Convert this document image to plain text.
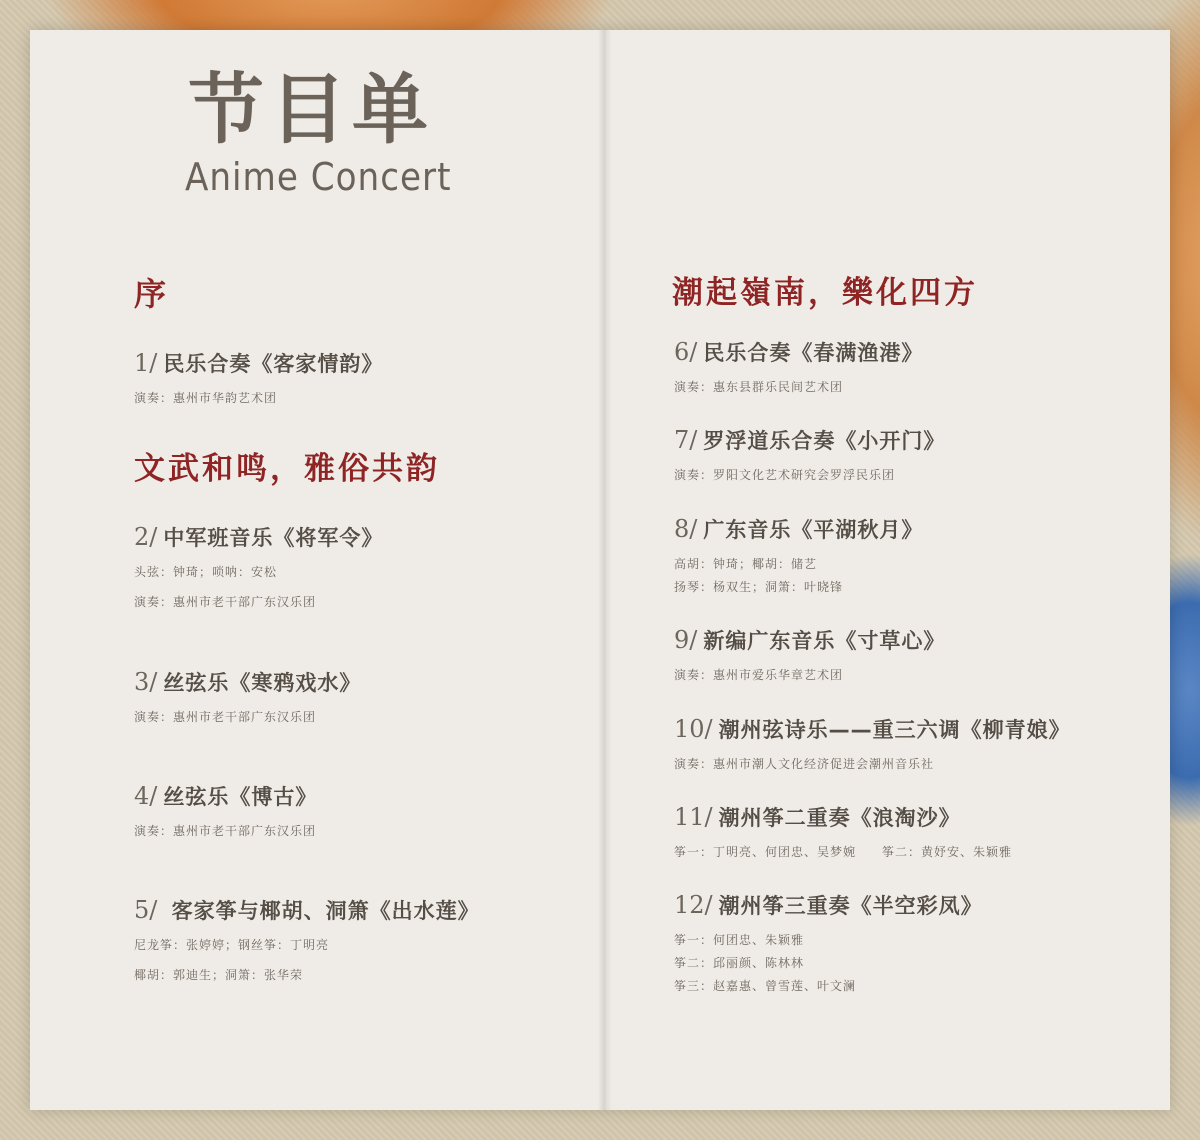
节目单
Anime Concert
序
文武和鸣，雅俗共韵
潮起嶺南，樂化四方
1/ 民乐合奏《客家情韵》
演奏：惠州市华韵艺术团
2/ 中军班音乐《将军令》
头弦：钟琦；唢呐：安松
演奏：惠州市老干部广东汉乐团
3/ 丝弦乐《寒鸦戏水》
演奏：惠州市老干部广东汉乐团
4/ 丝弦乐《博古》
演奏：惠州市老干部广东汉乐团
5/ 客家筝与椰胡、洞箫《出水莲》
尼龙筝：张婷婷；钢丝筝：丁明亮
椰胡：郭迪生；洞箫：张华荣
6/ 民乐合奏《春满渔港》
演奏：惠东县群乐民间艺术团
7/ 罗浮道乐合奏《小开门》
演奏：罗阳文化艺术研究会罗浮民乐团
8/ 广东音乐《平湖秋月》
高胡：钟琦；椰胡：储艺
扬琴：杨双生；洞箫：叶晓锋
9/ 新编广东音乐《寸草心》
演奏：惠州市爱乐华章艺术团
10/ 潮州弦诗乐——重三六调《柳青娘》
演奏：惠州市潮人文化经济促进会潮州音乐社
11/ 潮州筝二重奏《浪淘沙》
筝一：丁明亮、何团忠、吴梦婉　　筝二：黄妤安、朱颖雅
12/ 潮州筝三重奏《半空彩凤》
筝一：何团忠、朱颖雅
筝二：邱丽颜、陈林林
筝三：赵嘉惠、曾雪莲、叶文澜
